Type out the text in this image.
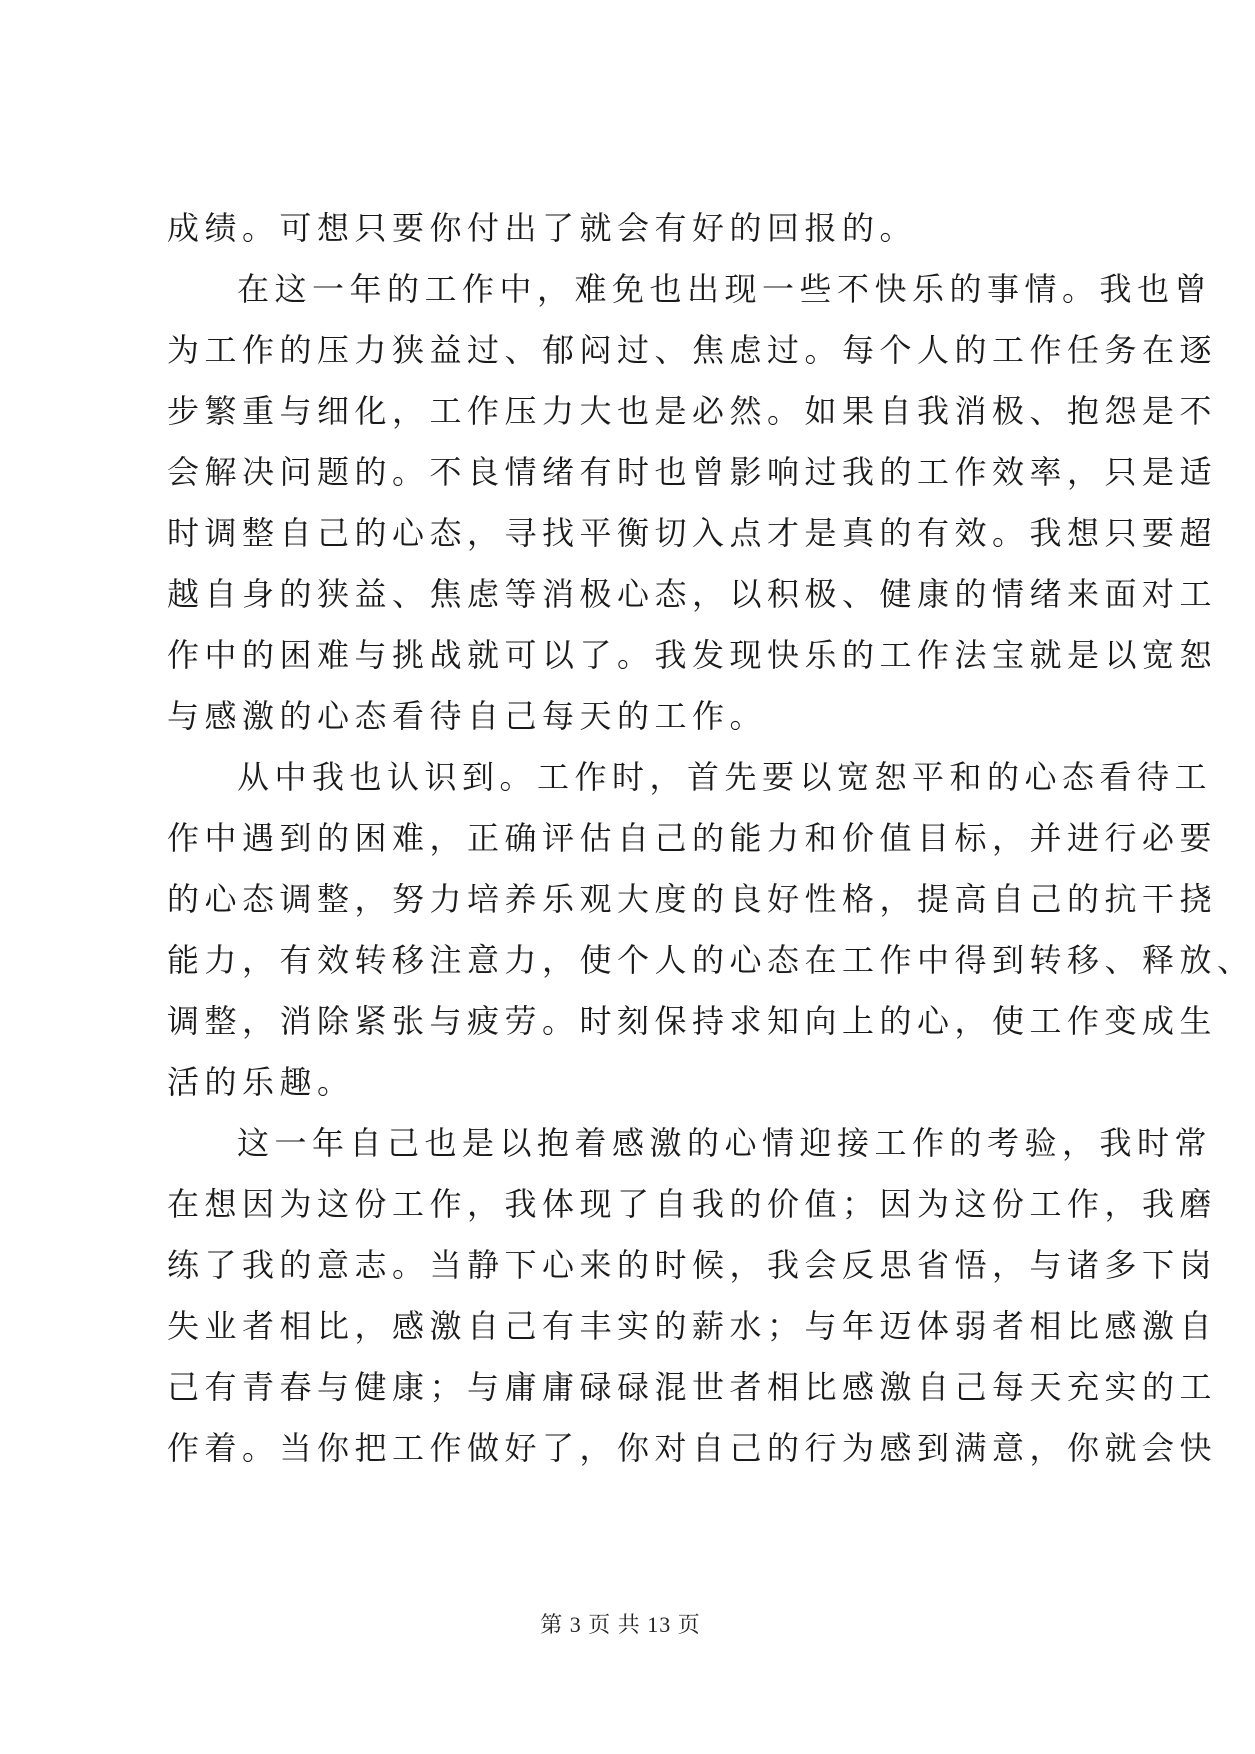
成绩。可想只要你付出了就会有好的回报的。
在这一年的工作中，难免也出现一些不快乐的事情。我也曾
为工作的压力狭益过、郁闷过、焦虑过。每个人的工作任务在逐
步繁重与细化，工作压力大也是必然。如果自我消极、抱怨是不
会解决问题的。不良情绪有时也曾影响过我的工作效率，只是适
时调整自己的心态，寻找平衡切入点才是真的有效。我想只要超
越自身的狭益、焦虑等消极心态，以积极、健康的情绪来面对工
作中的困难与挑战就可以了。我发现快乐的工作法宝就是以宽恕
与感激的心态看待自己每天的工作。
从中我也认识到。工作时，首先要以宽恕平和的心态看待工
作中遇到的困难，正确评估自己的能力和价值目标，并进行必要
的心态调整，努力培养乐观大度的良好性格，提高自己的抗干挠
能力，有效转移注意力，使个人的心态在工作中得到转移、释放、
调整，消除紧张与疲劳。时刻保持求知向上的心，使工作变成生
活的乐趣。
这一年自己也是以抱着感激的心情迎接工作的考验，我时常
在想因为这份工作，我体现了自我的价值；因为这份工作，我磨
练了我的意志。当静下心来的时候，我会反思省悟，与诸多下岗
失业者相比，感激自己有丰实的薪水；与年迈体弱者相比感激自
己有青春与健康；与庸庸碌碌混世者相比感激自己每天充实的工
作着。当你把工作做好了，你对自己的行为感到满意，你就会快
第 3 页 共 13 页
